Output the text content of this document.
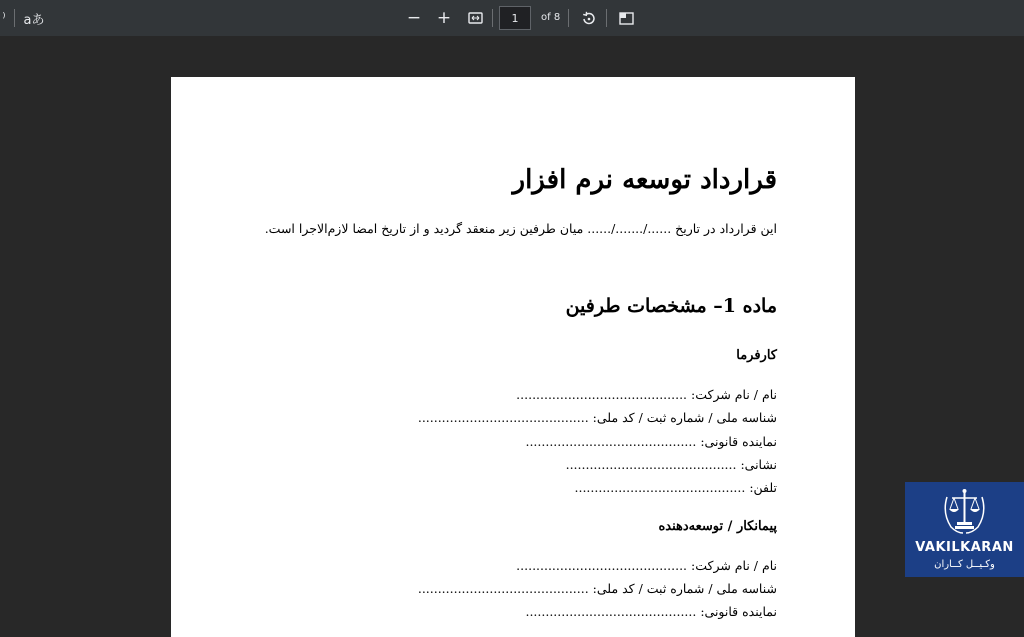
⁾ aあ	− +	1	of 8
قرارداد توسعه نرم افزار
این قرارداد در تاریخ ....../......./...... میان طرفین زیر منعقد گردید و از تاریخ امضا لازم‌الاجرا است.
ماده 1– مشخصات طرفین
کارفرما
نام / نام شرکت: ...........................................
شناسه ملی / شماره ثبت / کد ملی: ...........................................
نماینده قانونی: ...........................................
نشانی: ...........................................
تلفن: ...........................................
پیمانکار / توسعه‌دهنده
نام / نام شرکت: ...........................................
شناسه ملی / شماره ثبت / کد ملی: ...........................................
نماینده قانونی: ...........................................
VAKILKARAN
وکـیــل کــاران
